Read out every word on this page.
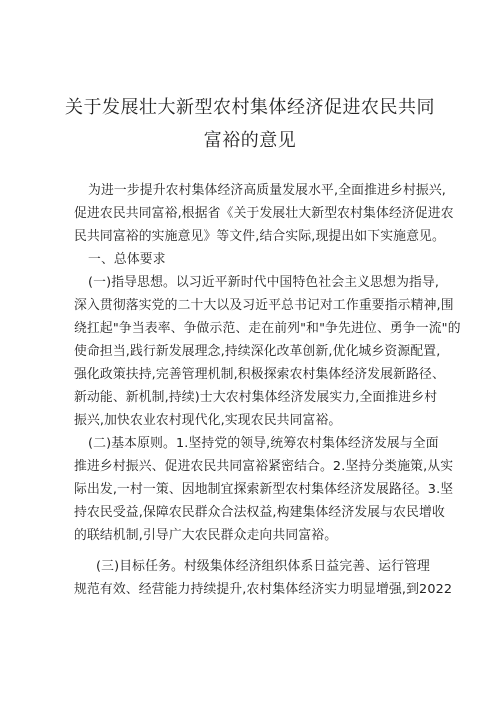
关于发展壮大新型农村集体经济促进农民共同
富裕的意见
为进一步提升农村集体经济高质量发展水平,全面推进乡村振兴,
促进农民共同富裕,根据省《关于发展壮大新型农村集体经济促进农
民共同富裕的实施意见》等文件,结合实际,现提出如下实施意见。
一、总体要求
(一)指导思想。以习近平新时代中国特色社会主义思想为指导,
深入贯彻落实党的二十大以及习近平总书记对工作重要指示精神,围
绕扛起"争当表率、争做示范、走在前列"和"争先进位、勇争一流"的
使命担当,践行新发展理念,持续深化改革创新,优化城乡资源配置,
强化政策扶持,完善管理机制,积极探索农村集体经济发展新路径、
新动能、新机制,持续)士大农村集体经济发展实力,全面推进乡村
振兴,加快农业农村现代化,实现农民共同富裕。
(二)基本原则。1.坚持党的领导,统筹农村集体经济发展与全面
推进乡村振兴、促进农民共同富裕紧密结合。2.坚持分类施策,从实
际出发,一村一策、因地制宜探索新型农村集体经济发展路径。3.坚
持农民受益,保障农民群众合法权益,构建集体经济发展与农民增收
的联结机制,引导广大农民群众走向共同富裕。
(三)目标任务。村级集体经济组织体系日益完善、运行管理
规范有效、经营能力持续提升,农村集体经济实力明显增强,到2022
